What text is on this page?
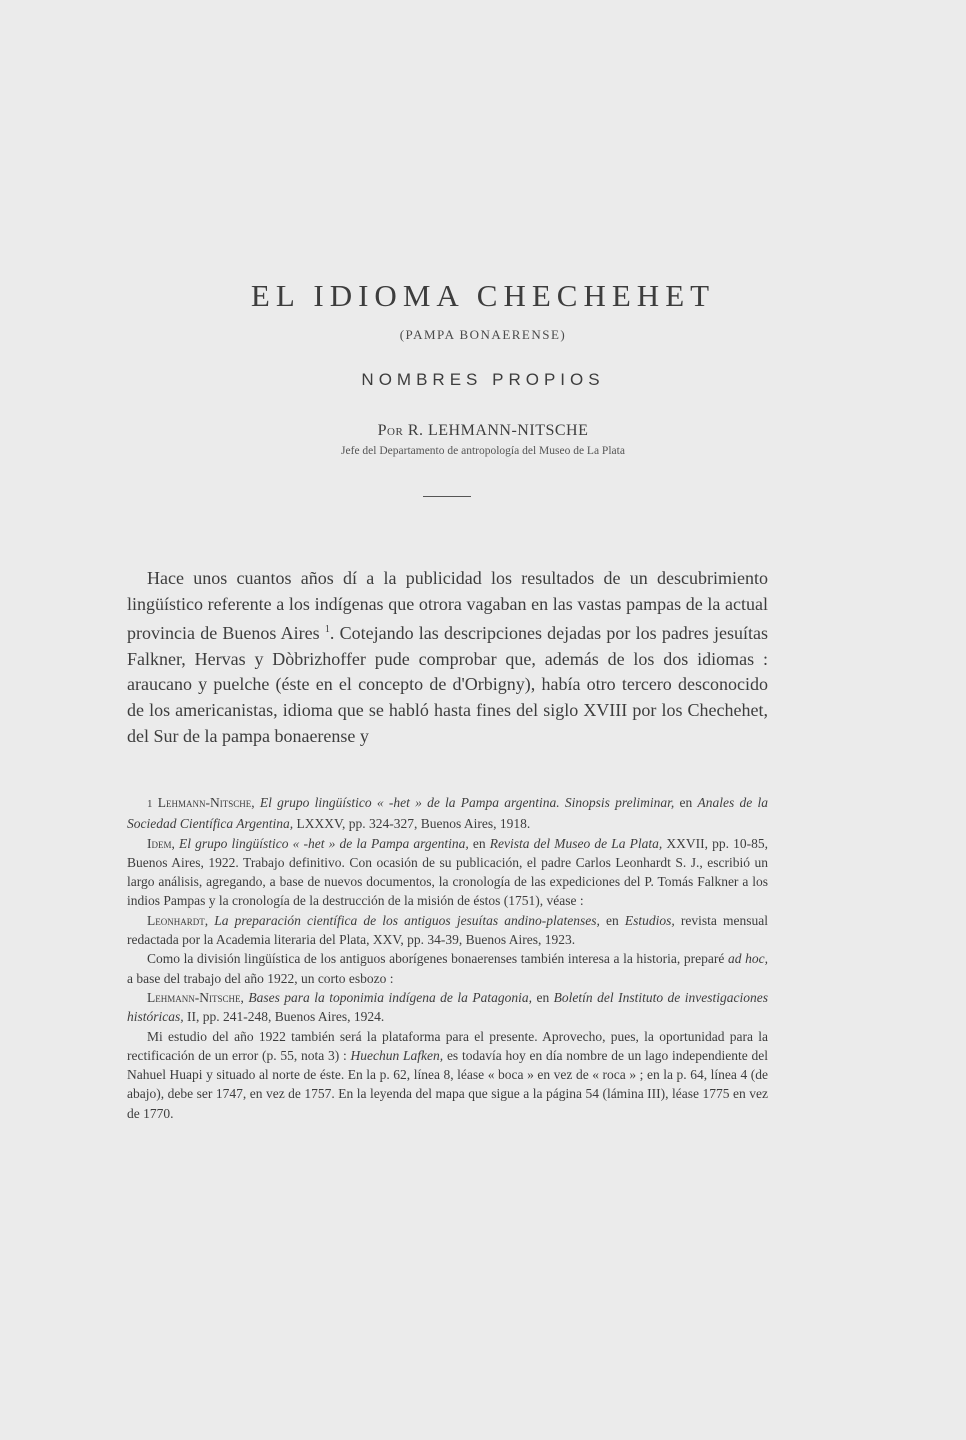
EL IDIOMA CHECHEHET
(PAMPA BONAERENSE)
NOMBRES PROPIOS
Por R. LEHMANN-NITSCHE
Jefe del Departamento de antropología del Museo de La Plata

Hace unos cuantos años dí a la publicidad los resultados de un descubrimiento lingüístico referente a los indígenas que otrora vagaban en las vastas pampas de la actual provincia de Buenos Aires $^1$. Cotejando las descripciones dejadas por los padres jesuítas Falkner, Hervas y Dòbrizhoffer pude comprobar que, además de los dos idiomas : araucano y puelche (éste en el concepto de d'Orbigny), había otro tercero desconocido de los americanistas, idioma que se habló hasta fines del siglo XVIII por los Chechehet, del Sur de la pampa bonaerense y

1 Lehmann-Nitsche, El grupo lingüístico « -het » de la Pampa argentina. Sinopsis preliminar, en Anales de la Sociedad Científica Argentina, LXXXV, pp. 324-327, Buenos Aires, 1918.

Idem, El grupo lingüístico « -het » de la Pampa argentina, en Revista del Museo de La Plata, XXVII, pp. 10-85, Buenos Aires, 1922. Trabajo definitivo. Con ocasión de su publicación, el padre Carlos Leonhardt S. J., escribió un largo análisis, agregando, a base de nuevos documentos, la cronología de las expediciones del P. Tomás Falkner a los indios Pampas y la cronología de la destrucción de la misión de éstos (1751), véase :

Leonhardt, La preparación científica de los antiguos jesuítas andino-platenses, en Estudios, revista mensual redactada por la Academia literaria del Plata, XXV, pp. 34-39, Buenos Aires, 1923.

Como la división lingüística de los antiguos aborígenes bonaerenses también interesa a la historia, preparé ad hoc, a base del trabajo del año 1922, un corto esbozo :

Lehmann-Nitsche, Bases para la toponimia indígena de la Patagonia, en Boletín del Instituto de investigaciones históricas, II, pp. 241-248, Buenos Aires, 1924.

Mi estudio del año 1922 también será la plataforma para el presente. Aprovecho, pues, la oportunidad para la rectificación de un error (p. 55, nota 3) : Huechun Lafken, es todavía hoy en día nombre de un lago independiente del Nahuel Huapi y situado al norte de éste. En la p. 62, línea 8, léase « boca » en vez de « roca » ; en la p. 64, línea 4 (de abajo), debe ser 1747, en vez de 1757. En la leyenda del mapa que sigue a la página 54 (lámina III), léase 1775 en vez de 1770.
